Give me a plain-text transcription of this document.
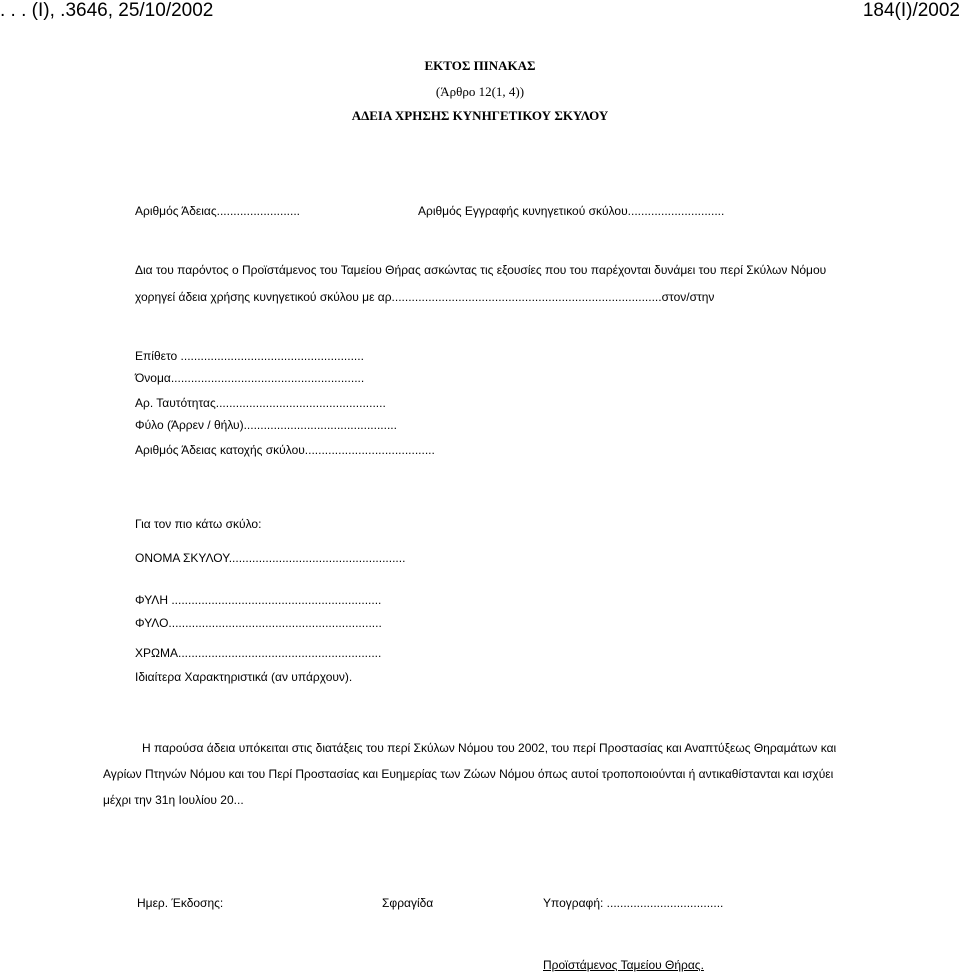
. . . (I), .3646, 25/10/2002	184(I)/2002
ΕΚΤΟΣ ΠΙΝΑΚΑΣ
(Άρθρο 12(1, 4))
ΑΔΕΙΑ ΧΡΗΣΗΣ ΚΥΝΗΓΕΤΙΚΟΥ ΣΚΥΛΟΥ
Αριθμός Άδειας.........................	Αριθμός Εγγραφής κυνηγετικού σκύλου.............................
Δια του παρόντος ο Προϊστάμενος του Ταμείου Θήρας ασκώντας τις εξουσίες που του παρέχονται δυνάμει του περί Σκύλων Νόμου
χορηγεί άδεια χρήσης κυνηγετικού σκύλου με αρ.................................................................................στον/στην
Επίθετο .......................................................
Όνομα..........................................................
Αρ. Ταυτότητας...................................................
Φύλο (Άρρεν / θήλυ)..............................................
Αριθμός Άδειας κατοχής σκύλου.......................................
Για τον πιο κάτω σκύλο:
ΟΝΟΜΑ ΣΚΥΛΟΥ.....................................................
ΦΥΛΗ ...............................................................
ΦΥΛΟ................................................................
ΧΡΩΜΑ.............................................................
Ιδιαίτερα Χαρακτηριστικά (αν υπάρχουν).
Η παρούσα άδεια υπόκειται στις διατάξεις του περί Σκύλων Νόμου του 2002, του περί Προστασίας και Αναπτύξεως Θηραμάτων και
Αγρίων Πτηνών Νόμου και του Περί Προστασίας και Ευημερίας των Ζώων Νόμου όπως αυτοί τροποποιούνται ή αντικαθίστανται και ισχύει
μέχρι την 31η Ιουλίου 20...
Ημερ. Έκδοσης:	Σφραγίδα	Υπογραφή: ...................................
Προϊστάμενος Ταμείου Θήρας.
